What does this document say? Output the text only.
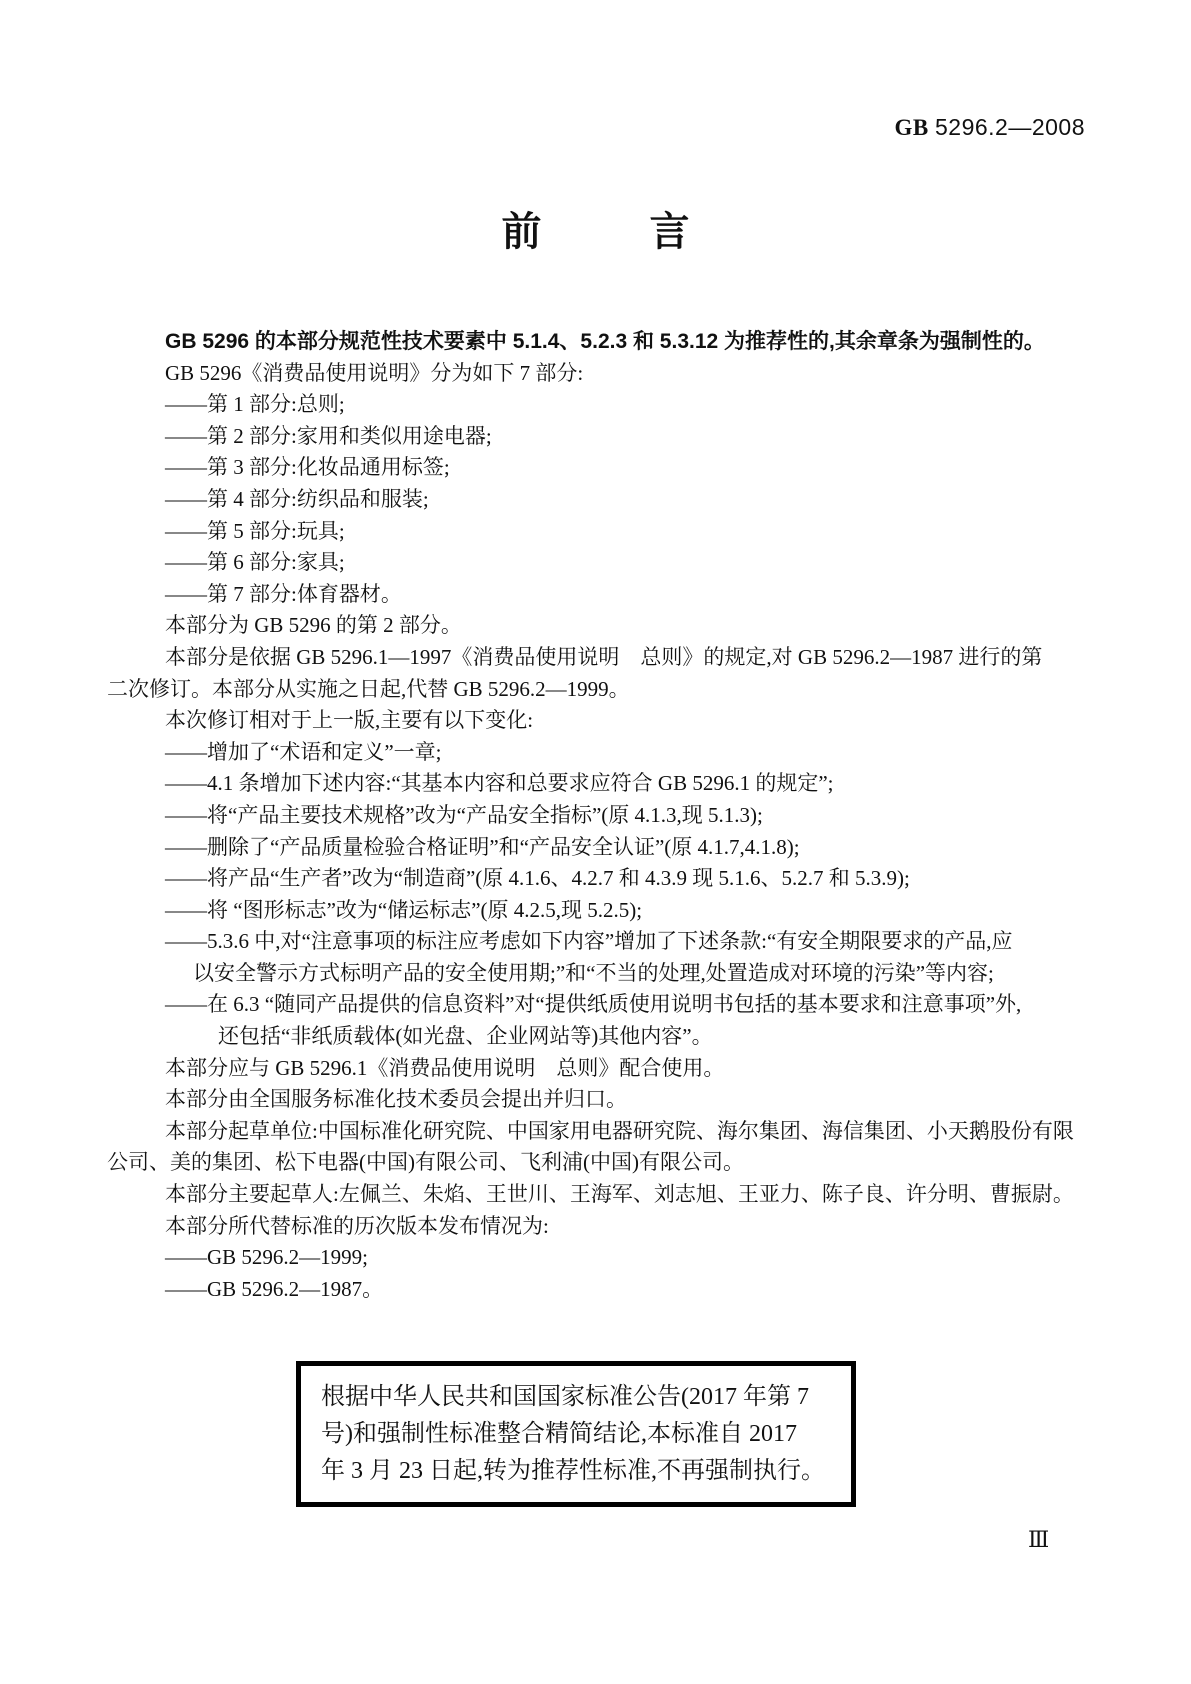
GB 5296.2—2008
前言
GB 5296 的本部分规范性技术要素中 5.1.4、5.2.3 和 5.3.12 为推荐性的,其余章条为强制性的。
GB 5296《消费品使用说明》分为如下 7 部分:
——第 1 部分:总则;
——第 2 部分:家用和类似用途电器;
——第 3 部分:化妆品通用标签;
——第 4 部分:纺织品和服装;
——第 5 部分:玩具;
——第 6 部分:家具;
——第 7 部分:体育器材。
本部分为 GB 5296 的第 2 部分。
本部分是依据 GB 5296.1—1997《消费品使用说明　总则》的规定,对 GB 5296.2—1987 进行的第
二次修订。本部分从实施之日起,代替 GB 5296.2—1999。
本次修订相对于上一版,主要有以下变化:
——增加了“术语和定义”一章;
——4.1 条增加下述内容:“其基本内容和总要求应符合 GB 5296.1 的规定”;
——将“产品主要技术规格”改为“产品安全指标”(原 4.1.3,现 5.1.3);
——删除了“产品质量检验合格证明”和“产品安全认证”(原 4.1.7,4.1.8);
——将产品“生产者”改为“制造商”(原 4.1.6、4.2.7 和 4.3.9 现 5.1.6、5.2.7 和 5.3.9);
——将 “图形标志”改为“储运标志”(原 4.2.5,现 5.2.5);
——5.3.6 中,对“注意事项的标注应考虑如下内容”增加了下述条款:“有安全期限要求的产品,应
以安全警示方式标明产品的安全使用期;”和“不当的处理,处置造成对环境的污染”等内容;
——在 6.3 “随同产品提供的信息资料”对“提供纸质使用说明书包括的基本要求和注意事项”外,
还包括“非纸质载体(如光盘、企业网站等)其他内容”。
本部分应与 GB 5296.1《消费品使用说明　总则》配合使用。
本部分由全国服务标准化技术委员会提出并归口。
本部分起草单位:中国标准化研究院、中国家用电器研究院、海尔集团、海信集团、小天鹅股份有限
公司、美的集团、松下电器(中国)有限公司、飞利浦(中国)有限公司。
本部分主要起草人:左佩兰、朱焰、王世川、王海军、刘志旭、王亚力、陈子良、许分明、曹振尉。
本部分所代替标准的历次版本发布情况为:
——GB 5296.2—1999;
——GB 5296.2—1987。
根据中华人民共和国国家标准公告(2017 年第 7
号)和强制性标准整合精简结论,本标准自 2017
年 3 月 23 日起,转为推荐性标准,不再强制执行。
Ⅲ
